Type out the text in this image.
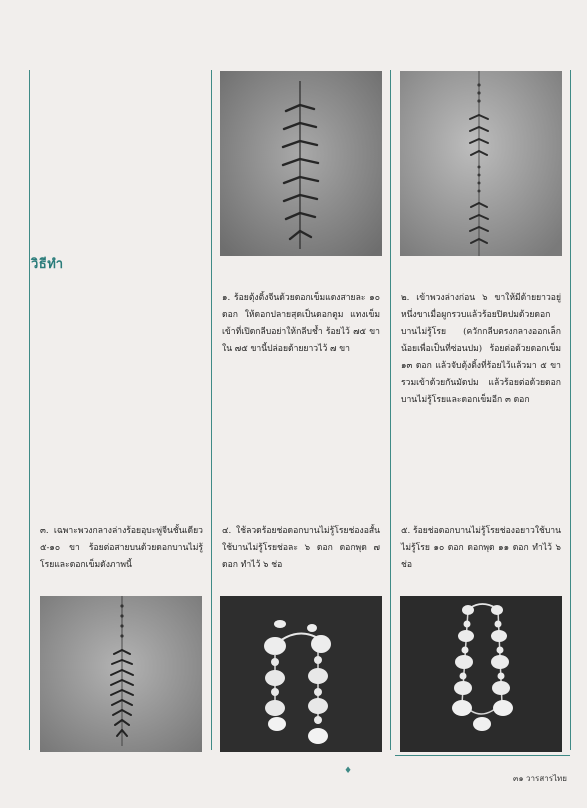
วิธีทำ
๑. ร้อยตุ้งติ้งจีนด้วยดอกเข็มแดงสายละ ๑๐ ดอก ให้ดอกปลายสุดเป็นดอกตูม แทงเข็มเข้าที่เปิดกลีบอย่าให้กลีบช้ำ ร้อยไว้ ๗๕ ขา ใน ๗๕ ขานี้ปล่อยด้ายยาวไว้ ๗ ขา
๒. เข้าพวงล่างก่อน ๖ ขาให้มีด้ายยาวอยู่หนึ่งขาเมื่อผูกรวบแล้วร้อยปิดปมด้วยดอกบานไม่รู้โรย (ควักกลีบตรงกลางออกเล็กน้อยเพื่อเป็นที่ซ่อนปม) ร้อยต่อด้วยดอกเข็ม ๑๓ ดอก แล้วจับตุ้งติ้งที่ร้อยไว้แล้วมา ๕ ขา รวมเข้าด้วยกันมัดปม แล้วร้อยต่อด้วยดอกบานไม่รู้โรยและดอกเข็มอีก ๓ ดอก
๓. เฉพาะพวงกลางล่างร้อยอุบะพู่จีนชั้นเดียว ๕-๑๐ ขา ร้อยต่อสายบนด้วยดอกบานไม่รู้โรยและดอกเข็มดังภาพนี้
๔. ใช้ลวดร้อยช่อดอกบานไม่รู้โรยช่องอสั้นใช้บานไม่รู้โรยช่อละ ๖ ดอก ดอกพุด ๗ ดอก ทำไว้ ๖ ช่อ
๕. ร้อยช่อดอกบานไม่รู้โรยช่องอยาวใช้บานไม่รู้โรย ๑๐ ดอก ดอกพุด ๑๑ ดอก ทำไว้ ๖ ช่อ
♦
๓๑ วารสารไทย
